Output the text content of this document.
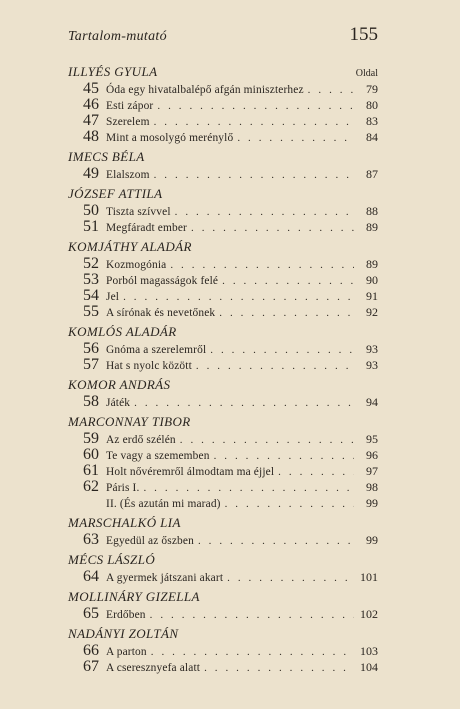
Tartalom-mutató	155
ILLYÉS GYULA	Oldal
45 Óda egy hivatalbalépő afgán miniszterhez . . .	79
46 Esti zápor . . .	80
47 Szerelem . . .	83
48 Mint a mosolygó merénylő . . .	84
IMECS BÉLA
49 Elalszom . . .	87
JÓZSEF ATTILA
50 Tiszta szívvel . . .	88
51 Megfáradt ember . . .	89
KOMJÁTHY ALADÁR
52 Kozmogónia . . .	89
53 Porból magasságok felé . . .	90
54 Jel . . .	91
55 A sírónak és nevetőnek . . .	92
KOMLÓS ALADÁR
56 Gnóma a szerelemről . . .	93
57 Hat s nyolc között . . .	93
KOMOR ANDRÁS
58 Játék . . .	94
MARCONNAY TIBOR
59 Az erdő szélén . . .	95
60 Te vagy a szememben . . .	96
61 Holt nővéremről álmodtam ma éjjel . . .	97
62 Páris I. . . .	98
II. (És azután mi marad) . . .	99
MARSCHALKÓ LIA
63 Egyedül az őszben . . .	99
MÉCS LÁSZLÓ
64 A gyermek játszani akart . . .	101
MOLLINÁRY GIZELLA
65 Erdőben . . .	102
NADÁNYI ZOLTÁN
66 A parton . . .	103
67 A cseresznyefa alatt . . .	104
